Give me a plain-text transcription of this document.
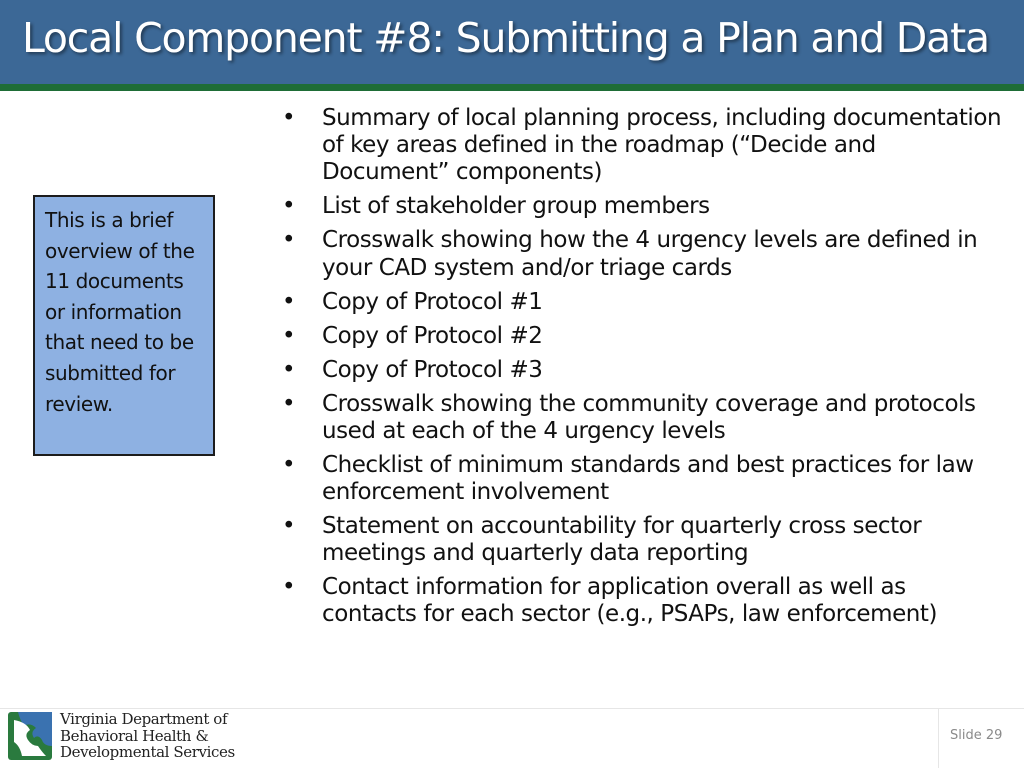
Local Component #8: Submitting a Plan and Data
This is a brief overview of the 11 documents or information that need to be submitted for review.
• Summary of local planning process, including documentation of key areas defined in the roadmap (“Decide and Document” components)
• List of stakeholder group members
• Crosswalk showing how the 4 urgency levels are defined in your CAD system and/or triage cards
• Copy of Protocol #1
• Copy of Protocol #2
• Copy of Protocol #3
• Crosswalk showing the community coverage and protocols used at each of the 4 urgency levels
• Checklist of minimum standards and best practices for law enforcement involvement
• Statement on accountability for quarterly cross sector meetings and quarterly data reporting
• Contact information for application overall as well as contacts for each sector (e.g., PSAPs, law enforcement)
Virginia Department of
Behavioral Health &
Developmental Services
Slide 29
